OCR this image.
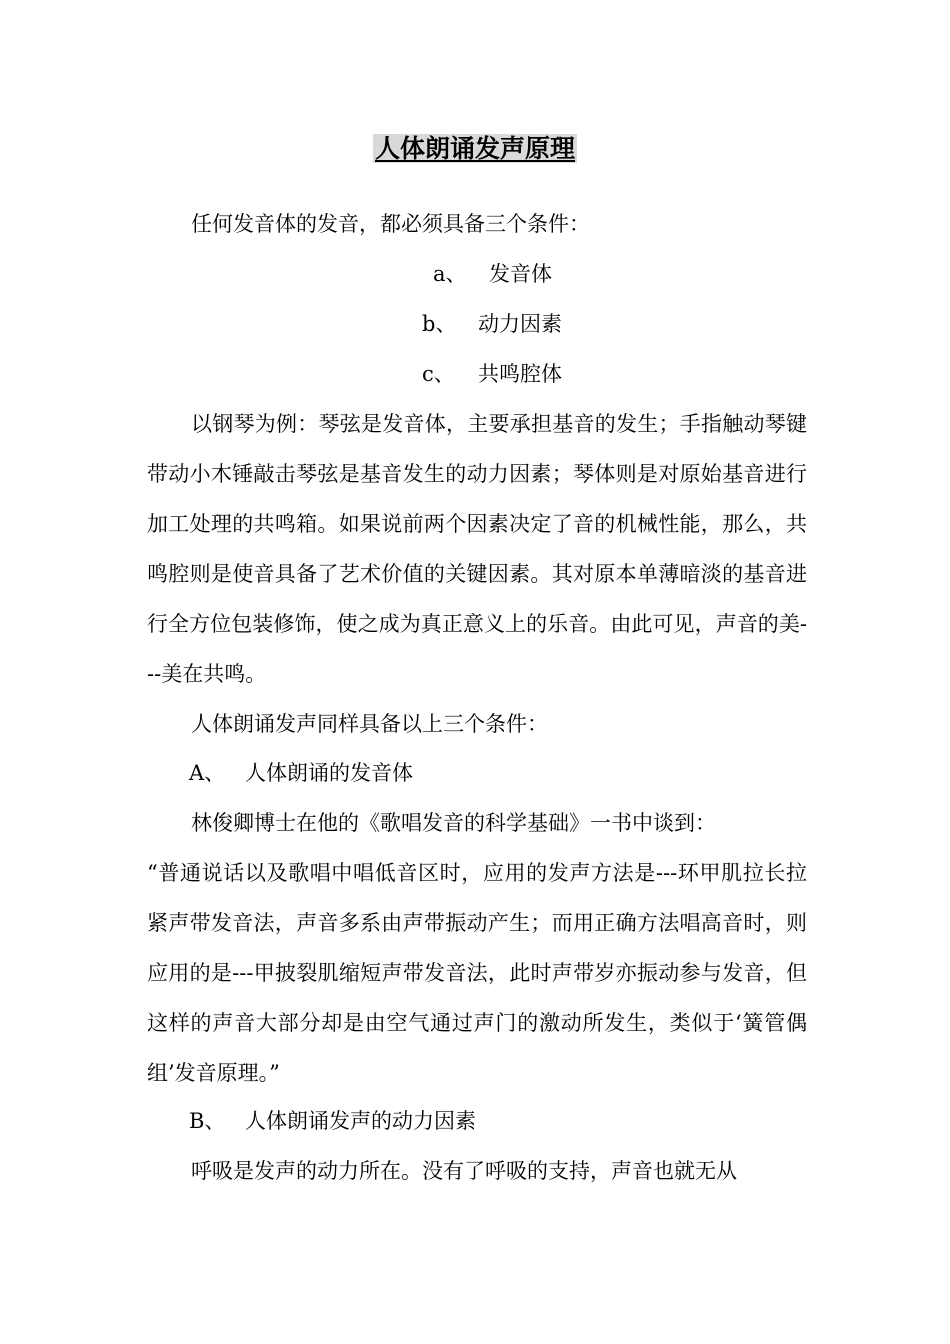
人体朗诵发声原理
任何发音体的发音，都必须具备三个条件：
a、 发音体
b、 动力因素
c、 共鸣腔体
以钢琴为例：琴弦是发音体，主要承担基音的发生；手指触动琴键带动小木锤敲击琴弦是基音发生的动力因素；琴体则是对原始基音进行加工处理的共鸣箱。如果说前两个因素决定了音的机械性能，那么，共鸣腔则是使音具备了艺术价值的关键因素。其对原本单薄暗淡的基音进行全方位包装修饰，使之成为真正意义上的乐音。由此可见，声音的美---美在共鸣。
人体朗诵发声同样具备以上三个条件：
A、 人体朗诵的发音体
林俊卿博士在他的《歌唱发音的科学基础》一书中谈到：
“普通说话以及歌唱中唱低音区时，应用的发声方法是---环甲肌拉长拉紧声带发音法，声音多系由声带振动产生；而用正确方法唱高音时，则应用的是---甲披裂肌缩短声带发音法，此时声带岁亦振动参与发音，但这样的声音大部分却是由空气通过声门的激动所发生，类似于‘簧管偶组’发音原理。”
B、 人体朗诵发声的动力因素
呼吸是发声的动力所在。没有了呼吸的支持，声音也就无从
